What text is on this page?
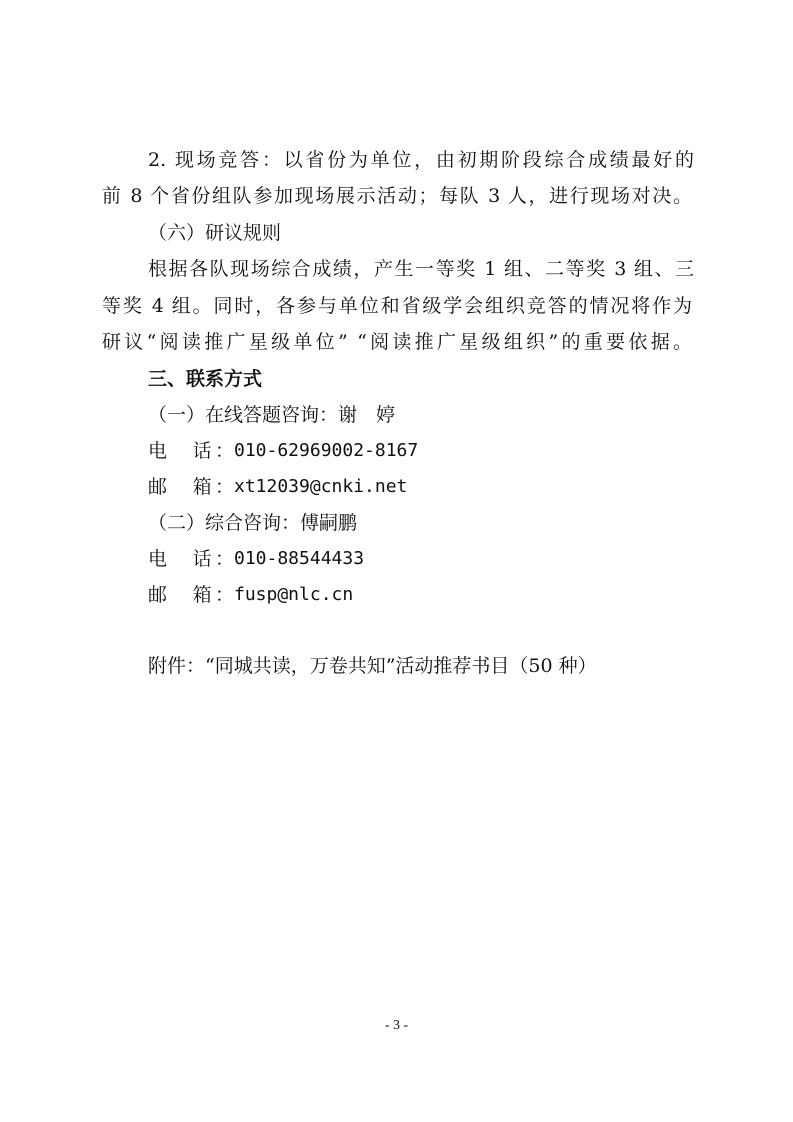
2. 现场竞答：以省份为单位，由初期阶段综合成绩最好的
前 8 个省份组队参加现场展示活动；每队 3 人，进行现场对决。
（六）研议规则
根据各队现场综合成绩，产生一等奖 1 组、二等奖 3 组、三
等奖 4 组。同时，各参与单位和省级学会组织竞答的情况将作为
研议“阅读推广星级单位” “阅读推广星级组织”的重要依据。
三、联系方式
（一）在线答题咨询：谢　婷
电　话： 010-62969002-8167
邮　箱： xt12039@cnki.net
（二）综合咨询：傅嗣鹏
电　话： 010-88544433
邮　箱： fusp@nlc.cn
附件：“同城共读，万卷共知”活动推荐书目（50 种）
- 3 -
